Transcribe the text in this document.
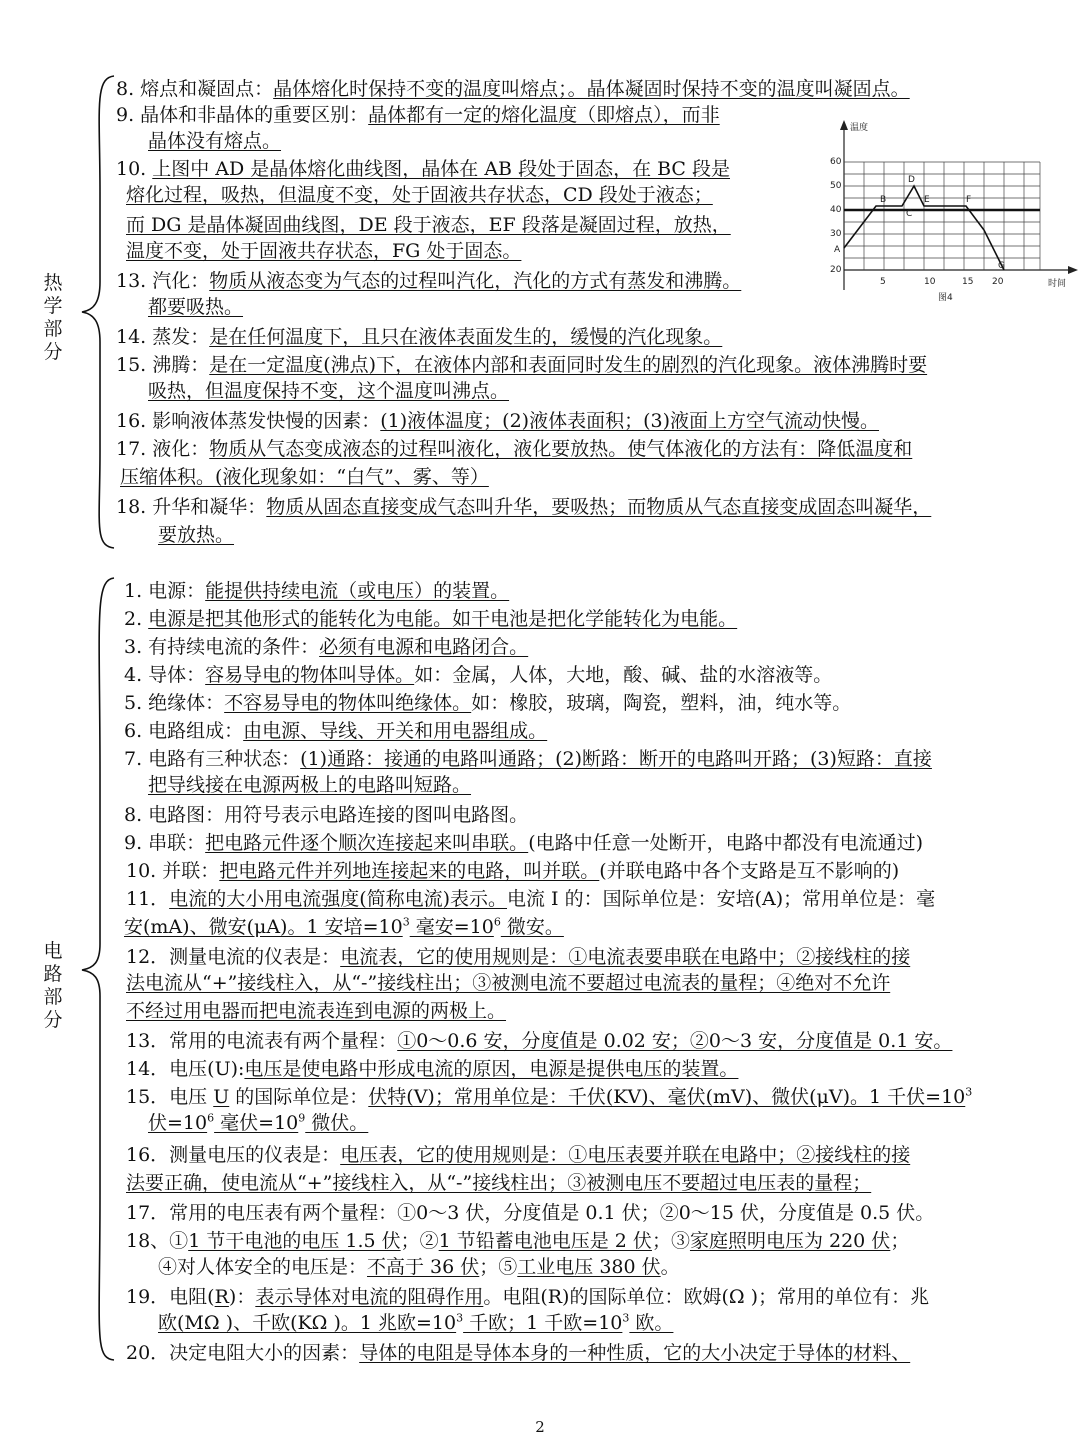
热
学
部
分
8. 熔点和凝固点：晶体熔化时保持不变的温度叫熔点；。晶体凝固时保持不变的温度叫凝固点。
9. 晶体和非晶体的重要区别：晶体都有一定的熔化温度（即熔点），而非
晶体没有熔点。
10. 上图中 AD 是晶体熔化曲线图，晶体在 AB 段处于固态，在 BC 段是
熔化过程，吸热，但温度不变，处于固液共存状态，CD 段处于液态；
而 DG 是晶体凝固曲线图，DE 段于液态，EF 段落是凝固过程，放热，
温度不变，处于固液共存状态，FG 处于固态。
13. 汽化：物质从液态变为气态的过程叫汽化，汽化的方式有蒸发和沸腾。
都要吸热。
14. 蒸发：是在任何温度下，且只在液体表面发生的，缓慢的汽化现象。
15. 沸腾：是在一定温度(沸点)下，在液体内部和表面同时发生的剧烈的汽化现象。液体沸腾时要
吸热，但温度保持不变，这个温度叫沸点。
16. 影响液体蒸发快慢的因素：(1)液体温度；(2)液体表面积；(3)液面上方空气流动快慢。
17. 液化：物质从气态变成液态的过程叫液化，液化要放热。使气体液化的方法有：降低温度和
压缩体积。(液化现象如：“白气”、雾、等）
18. 升华和凝华：物质从固态直接变成气态叫升华，要吸热；而物质从气态直接变成固态叫凝华，
要放热。
温度
时间
图4
60
50
40
30
20
5	10	15 20
A
B
C
D
E	F
G
电
路
部
分
1. 电源：能提供持续电流（或电压）的装置。
2. 电源是把其他形式的能转化为电能。如干电池是把化学能转化为电能。
3. 有持续电流的条件：必须有电源和电路闭合。
4. 导体：容易导电的物体叫导体。如：金属，人体，大地，酸、碱、盐的水溶液等。
5. 绝缘体：不容易导电的物体叫绝缘体。如：橡胶，玻璃，陶瓷，塑料，油，纯水等。
6. 电路组成：由电源、导线、开关和用电器组成。
7. 电路有三种状态：(1)通路：接通的电路叫通路；(2)断路：断开的电路叫开路；(3)短路：直接
把导线接在电源两极上的电路叫短路。
8. 电路图：用符号表示电路连接的图叫电路图。
9. 串联：把电路元件逐个顺次连接起来叫串联。(电路中任意一处断开，电路中都没有电流通过)
10. 并联：把电路元件并列地连接起来的电路，叫并联。(并联电路中各个支路是互不影响的)
11．电流的大小用电流强度(简称电流)表示。电流 I 的：国际单位是：安培(A)；常用单位是：毫
安(mA)、微安(μA)。1 安培$=10^3$ 毫安$=10^6$ 微安。
12．测量电流的仪表是：电流表，它的使用规则是：①电流表要串联在电路中；②接线柱的接
法电流从“+”接线柱入，从“-”接线柱出；③被测电流不要超过电流表的量程；④绝对不允许
不经过用电器而把电流表连到电源的两极上。
13．常用的电流表有两个量程：①0～0.6 安，分度值是 0.02 安；②0～3 安，分度值是 0.1 安。
14．电压(U):电压是使电路中形成电流的原因，电源是提供电压的装置。
15．电压 U 的国际单位是：伏特(V)；常用单位是：千伏(KV)、毫伏(mV)、微伏(μV)。1 千伏$=10^3$
伏$=10^6$ 毫伏$=10^9$ 微伏。
16．测量电压的仪表是：电压表，它的使用规则是：①电压表要并联在电路中；②接线柱的接
法要正确，使电流从“+”接线柱入，从“-”接线柱出；③被测电压不要超过电压表的量程；
17．常用的电压表有两个量程：①0～3 伏，分度值是 0.1 伏；②0～15 伏，分度值是 0.5 伏。
18、①1 节干电池的电压 1.5 伏；②1 节铅蓄电池电压是 2 伏；③家庭照明电压为 220 伏；
④对人体安全的电压是：不高于 36 伏；⑤工业电压 380 伏。
19．电阻(R)：表示导体对电流的阻碍作用。电阻(R)的国际单位：欧姆(Ω )；常用的单位有：兆
欧(MΩ )、千欧(KΩ )。1 兆欧$=10^3$ 千欧；1 千欧$=10^3$ 欧。
20．决定电阻大小的因素：导体的电阻是导体本身的一种性质，它的大小决定于导体的材料、
2
